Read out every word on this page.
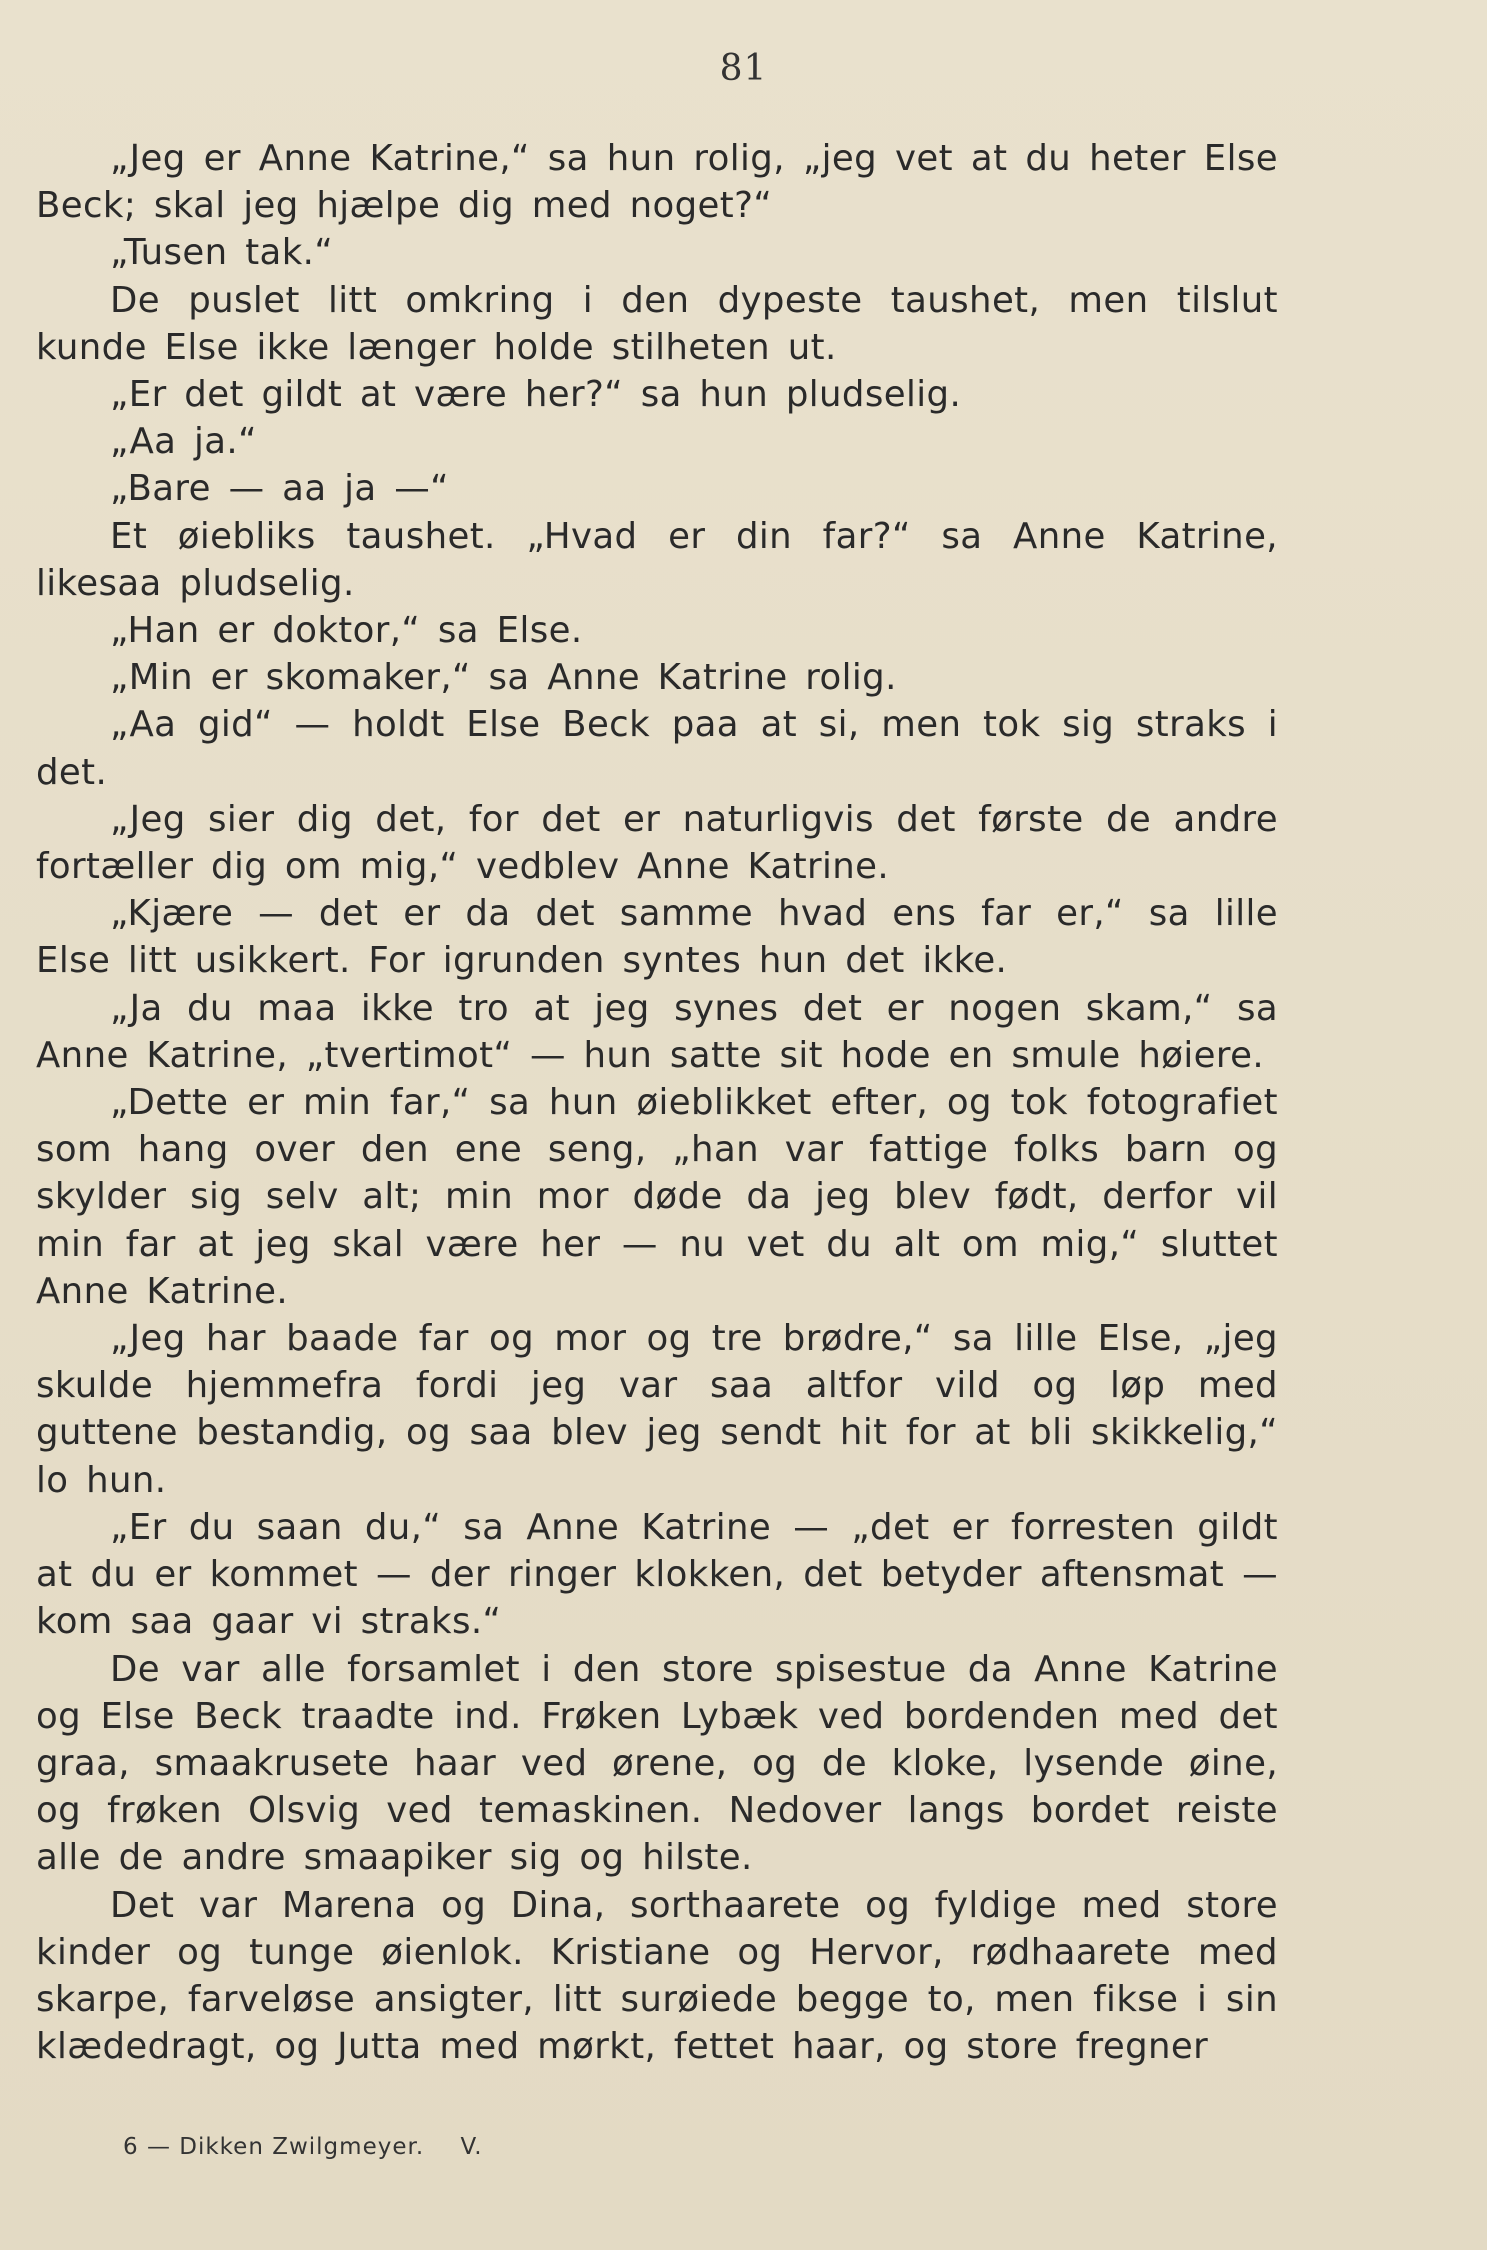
81

„Jeg er Anne Katrine,“ sa hun rolig, „jeg vet at du heter Else Beck; skal jeg hjælpe dig med noget?“

„Tusen tak.“

De puslet litt omkring i den dypeste taushet, men tilslut kunde Else ikke længer holde stilheten ut.

„Er det gildt at være her?“ sa hun pludselig.

„Aa ja.“

„Bare — aa ja —“

Et øiebliks taushet. „Hvad er din far?“ sa Anne Katrine, likesaa pludselig.

„Han er doktor,“ sa Else.

„Min er skomaker,“ sa Anne Katrine rolig.

„Aa gid“ — holdt Else Beck paa at si, men tok sig straks i det.

„Jeg sier dig det, for det er naturligvis det første de andre fortæller dig om mig,“ vedblev Anne Katrine.

„Kjære — det er da det samme hvad ens far er,“ sa lille Else litt usikkert. For igrunden syntes hun det ikke.

„Ja du maa ikke tro at jeg synes det er nogen skam,“ sa Anne Katrine, „tvertimot“ — hun satte sit hode en smule høiere.

„Dette er min far,“ sa hun øieblikket efter, og tok fotografiet som hang over den ene seng, „han var fattige folks barn og skylder sig selv alt; min mor døde da jeg blev født, derfor vil min far at jeg skal være her — nu vet du alt om mig,“ sluttet Anne Katrine.

„Jeg har baade far og mor og tre brødre,“ sa lille Else, „jeg skulde hjemmefra fordi jeg var saa altfor vild og løp med guttene bestandig, og saa blev jeg sendt hit for at bli skikkelig,“ lo hun.

„Er du saan du,“ sa Anne Katrine — „det er forresten gildt at du er kommet — der ringer klokken, det betyder aftensmat — kom saa gaar vi straks.“

De var alle forsamlet i den store spisestue da Anne Katrine og Else Beck traadte ind. Frøken Lybæk ved bordenden med det graa, smaakrusete haar ved ørene, og de kloke, lysende øine, og frøken Olsvig ved temaskinen. Nedover langs bordet reiste alle de andre smaapiker sig og hilste.

Det var Marena og Dina, sorthaarete og fyldige med store kinder og tunge øienlok. Kristiane og Hervor, rødhaarete med skarpe, farveløse ansigter, litt surøiede begge to, men fikse i sin klædedragt, og Jutta med mørkt, fettet haar, og store fregner

6 — Dikken Zwilgmeyer. V.
